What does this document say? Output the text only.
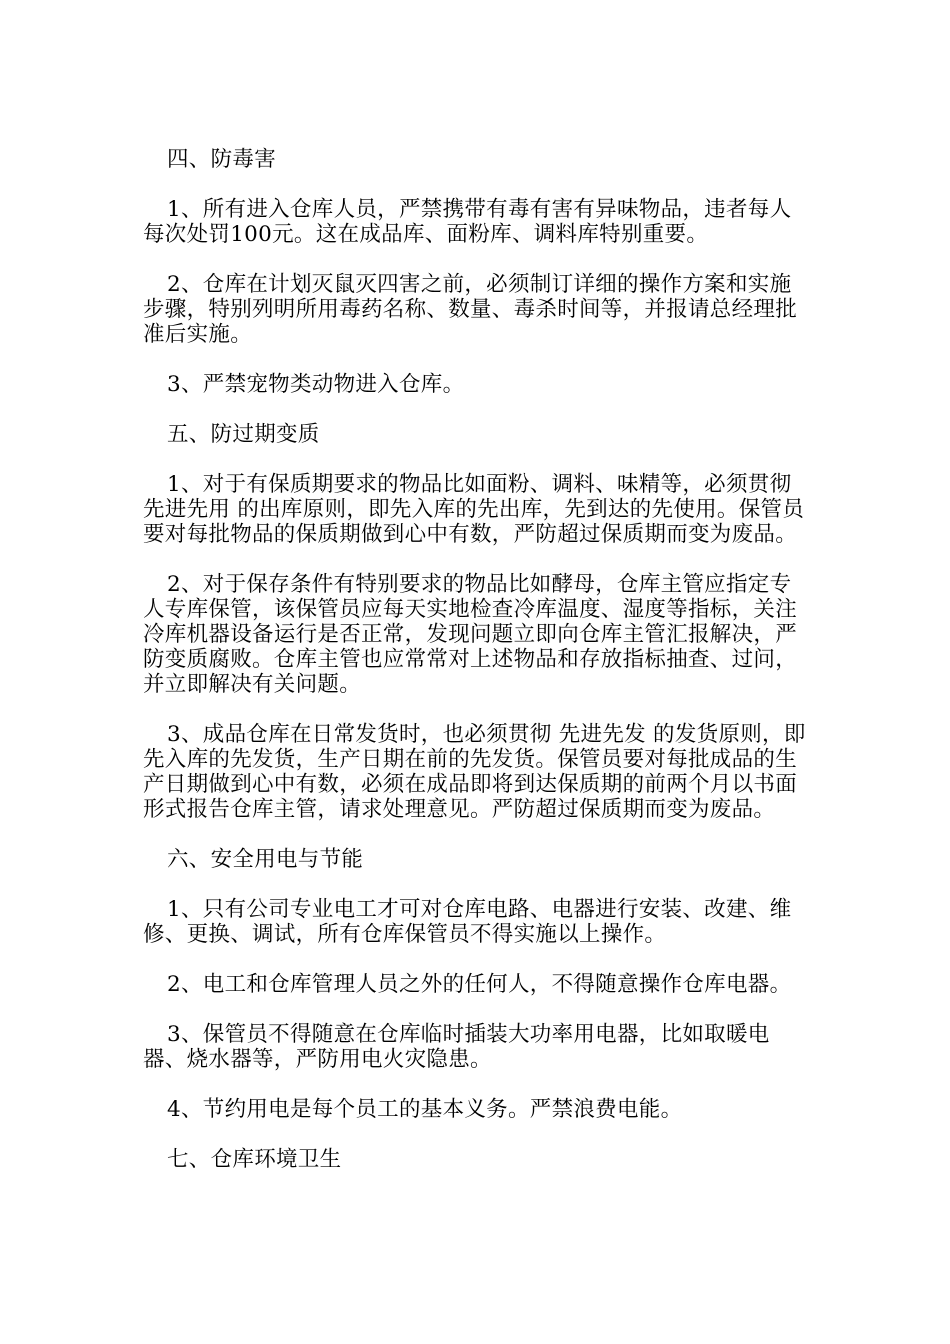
四、防毒害

1、所有进入仓库人员，严禁携带有毒有害有异味物品，违者每人每次处罚100元。这在成品库、面粉库、调料库特别重要。

2、仓库在计划灭鼠灭四害之前，必须制订详细的操作方案和实施步骤，特别列明所用毒药名称、数量、毒杀时间等，并报请总经理批准后实施。

3、严禁宠物类动物进入仓库。

五、防过期变质

1、对于有保质期要求的物品比如面粉、调料、味精等，必须贯彻 先进先用 的出库原则，即先入库的先出库，先到达的先使用。保管员要对每批物品的保质期做到心中有数，严防超过保质期而变为废品。

2、对于保存条件有特别要求的物品比如酵母，仓库主管应指定专人专库保管，该保管员应每天实地检查冷库温度、湿度等指标，关注冷库机器设备运行是否正常，发现问题立即向仓库主管汇报解决，严防变质腐败。仓库主管也应常常对上述物品和存放指标抽查、过问，并立即解决有关问题。

3、成品仓库在日常发货时，也必须贯彻 先进先发 的发货原则，即先入库的先发货，生产日期在前的先发货。保管员要对每批成品的生产日期做到心中有数，必须在成品即将到达保质期的前两个月以书面形式报告仓库主管，请求处理意见。严防超过保质期而变为废品。

六、安全用电与节能

1、只有公司专业电工才可对仓库电路、电器进行安装、改建、维修、更换、调试，所有仓库保管员不得实施以上操作。

2、电工和仓库管理人员之外的任何人，不得随意操作仓库电器。

3、保管员不得随意在仓库临时插装大功率用电器，比如取暖电器、烧水器等，严防用电火灾隐患。

4、节约用电是每个员工的基本义务。严禁浪费电能。

七、仓库环境卫生
